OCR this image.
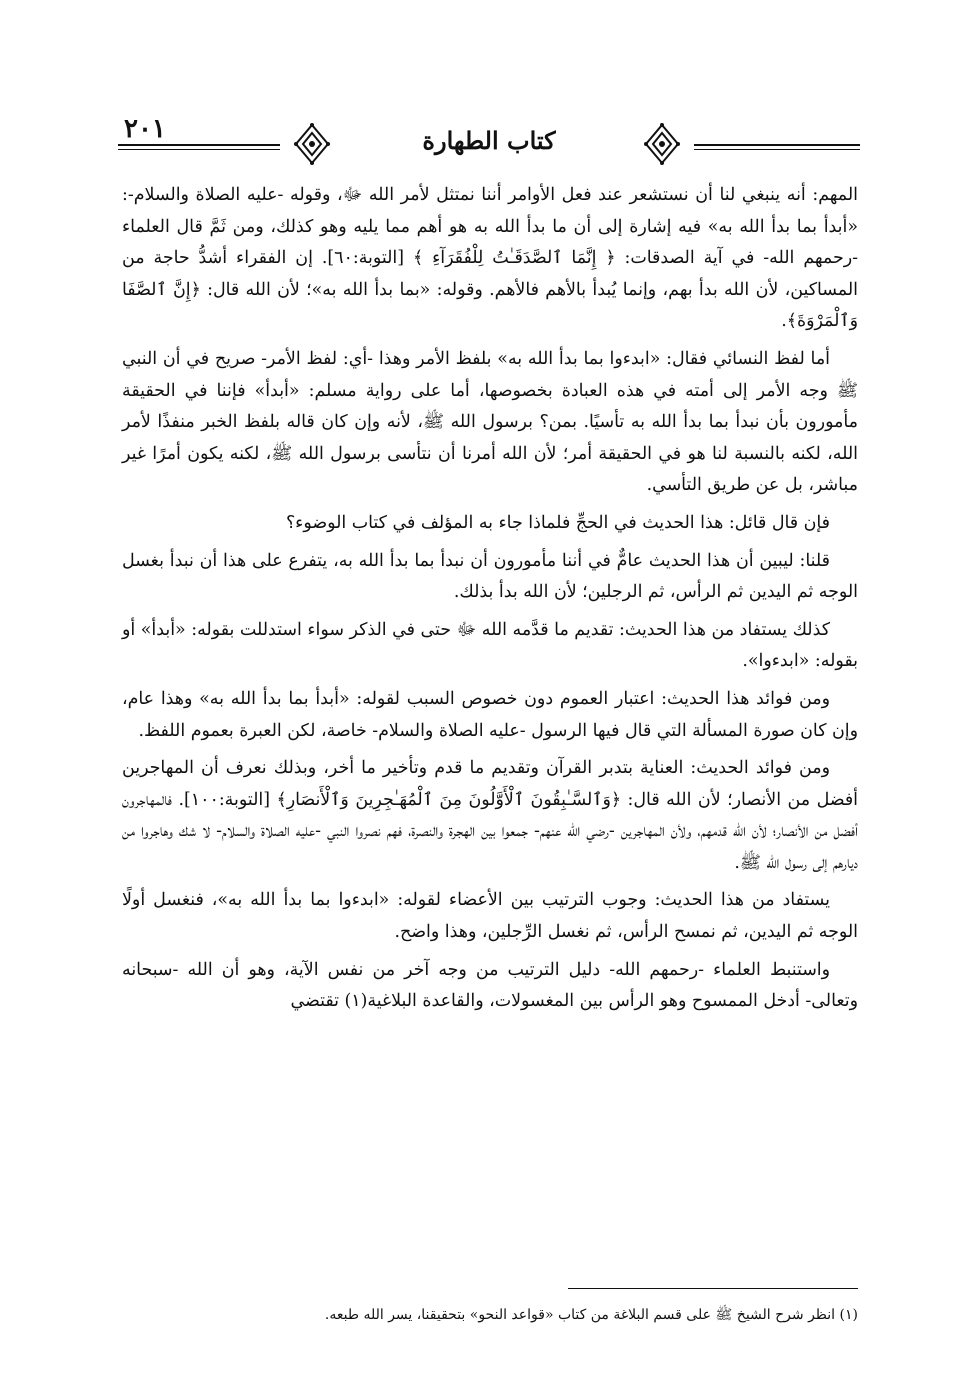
٢٠١	كتاب الطهارة

المهم: أنه ينبغي لنا أن نستشعر عند فعل الأوامر أننا نمتثل لأمر الله ﷻ، وقوله -عليه الصلاة والسلام-: «أبدأ بما بدأ الله به» فيه إشارة إلى أن ما بدأ الله به هو أهم مما يليه وهو كذلك، ومن ثَمَّ قال العلماء -رحمهم الله- في آية الصدقات: ﴿ إِنَّمَا ٱلصَّدَقَـٰتُ لِلْفُقَرَآءِ ﴾ [التوبة:٦٠]. إن الفقراء أشدُّ حاجة من المساكين، لأن الله بدأ بهم، وإنما يُبدأ بالأهم فالأهم. وقوله: «بما بدأ الله به»؛ لأن الله قال: ﴿إِنَّ ٱلصَّفَا وَٱلْمَرْوَةَ﴾.

أما لفظ النسائي فقال: «ابدءوا بما بدأ الله به» بلفظ الأمر وهذا -أي: لفظ الأمر- صريح في أن النبي ﷺ وجه الأمر إلى أمته في هذه العبادة بخصوصها، أما على رواية مسلم: «أبدأ» فإننا في الحقيقة مأمورون بأن نبدأ بما بدأ الله به تأسيًا. بمن؟ برسول الله ﷺ، لأنه وإن كان قاله بلفظ الخبر منفذًا لأمر الله، لكنه بالنسبة لنا هو في الحقيقة أمر؛ لأن الله أمرنا أن نتأسى برسول الله ﷺ، لكنه يكون أمرًا غير مباشر، بل عن طريق التأسي.

فإن قال قائل: هذا الحديث في الحجِّ فلماذا جاء به المؤلف في كتاب الوضوء؟

قلنا: ليبين أن هذا الحديث عامٌّ في أننا مأمورون أن نبدأ بما بدأ الله به، يتفرع على هذا أن نبدأ بغسل الوجه ثم اليدين ثم الرأس، ثم الرجلين؛ لأن الله بدأ بذلك.

كذلك يستفاد من هذا الحديث: تقديم ما قدَّمه الله ﷻ حتى في الذكر سواء استدللت بقوله: «أبدأ» أو بقوله: «ابدءوا».

ومن فوائد هذا الحديث: اعتبار العموم دون خصوص السبب لقوله: «أبدأ بما بدأ الله به» وهذا عام، وإن كان صورة المسألة التي قال فيها الرسول -عليه الصلاة والسلام- خاصة، لكن العبرة بعموم اللفظ.

ومن فوائد الحديث: العناية بتدبر القرآن وتقديم ما قدم وتأخير ما أخر، وبذلك نعرف أن المهاجرين أفضل من الأنصار؛ لأن الله قال: ﴿وَٱلسَّـٰبِقُونَ ٱلْأَوَّلُونَ مِنَ ٱلْمُهَـٰجِرِينَ وَٱلْأَنصَارِ﴾ [التوبة:١٠٠]. فالمهاجرون أفضل من الأنصار؛ لأن الله قدمهم، ولأن المهاجرين -رضي الله عنهم- جمعوا بين الهجرة والنصرة، فهم نصروا النبي -عليه الصلاة والسلام- لا شك وهاجروا من ديارهم إلى رسول الله ﷺ.

يستفاد من هذا الحديث: وجوب الترتيب بين الأعضاء لقوله: «ابدءوا بما بدأ الله به»، فنغسل أولًا الوجه ثم اليدين، ثم نمسح الرأس، ثم نغسل الرِّجلين، وهذا واضح.

واستنبط العلماء -رحمهم الله- دليل الترتيب من وجه آخر من نفس الآية، وهو أن الله -سبحانه وتعالى- أدخل الممسوح وهو الرأس بين المغسولات، والقاعدة البلاغية(١) تقتضي

(١) انظر شرح الشيخ ﷺ على قسم البلاغة من كتاب «قواعد النحو» بتحقيقنا، يسر الله طبعه.
